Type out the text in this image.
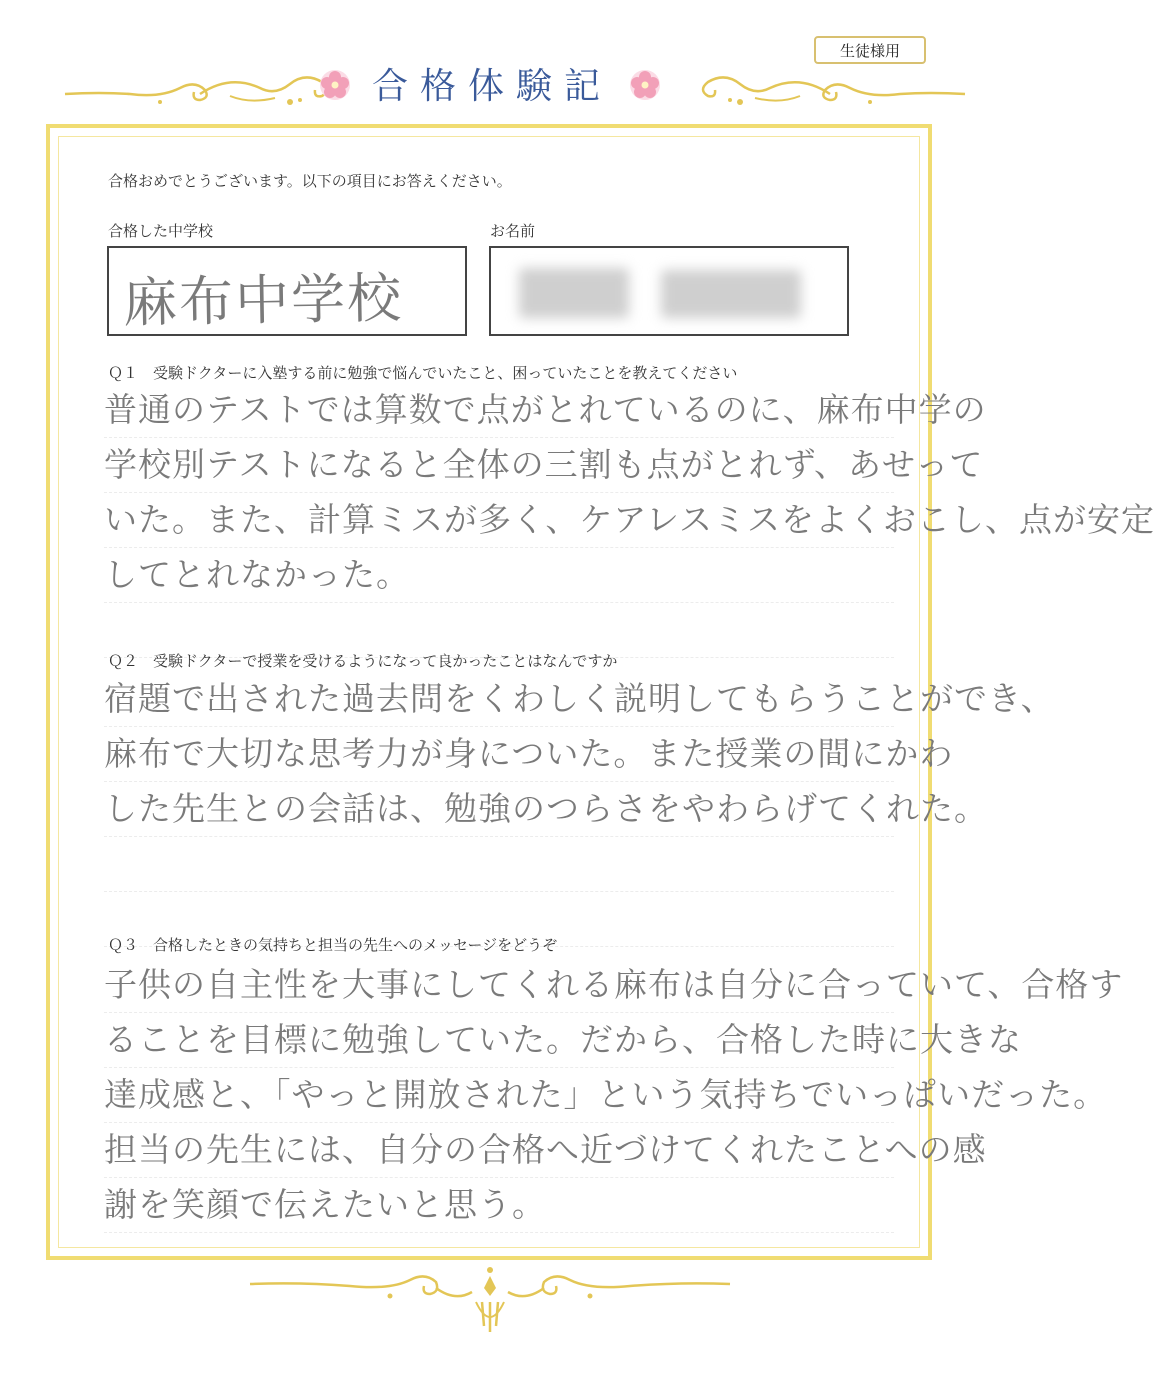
生徒様用
合格体験記
合格おめでとうございます。以下の項目にお答えください。
合格した中学校
麻布中学校
お名前
Ｑ１　受験ドクターに入塾する前に勉強で悩んでいたこと、困っていたことを教えてください
普通のテストでは算数で点がとれているのに、麻布中学の
学校別テストになると全体の三割も点がとれず、あせって
いた。また、計算ミスが多く、ケアレスミスをよくおこし、点が安定
してとれなかった。
Ｑ２　受験ドクターで授業を受けるようになって良かったことはなんですか
宿題で出された過去問をくわしく説明してもらうことができ、
麻布で大切な思考力が身についた。また授業の間にかわ
した先生との会話は、勉強のつらさをやわらげてくれた。
Ｑ３　合格したときの気持ちと担当の先生へのメッセージをどうぞ
子供の自主性を大事にしてくれる麻布は自分に合っていて、合格す
ることを目標に勉強していた。だから、合格した時に大きな
達成感と、「やっと開放された」という気持ちでいっぱいだった。
担当の先生には、自分の合格へ近づけてくれたことへの感
謝を笑顔で伝えたいと思う。
